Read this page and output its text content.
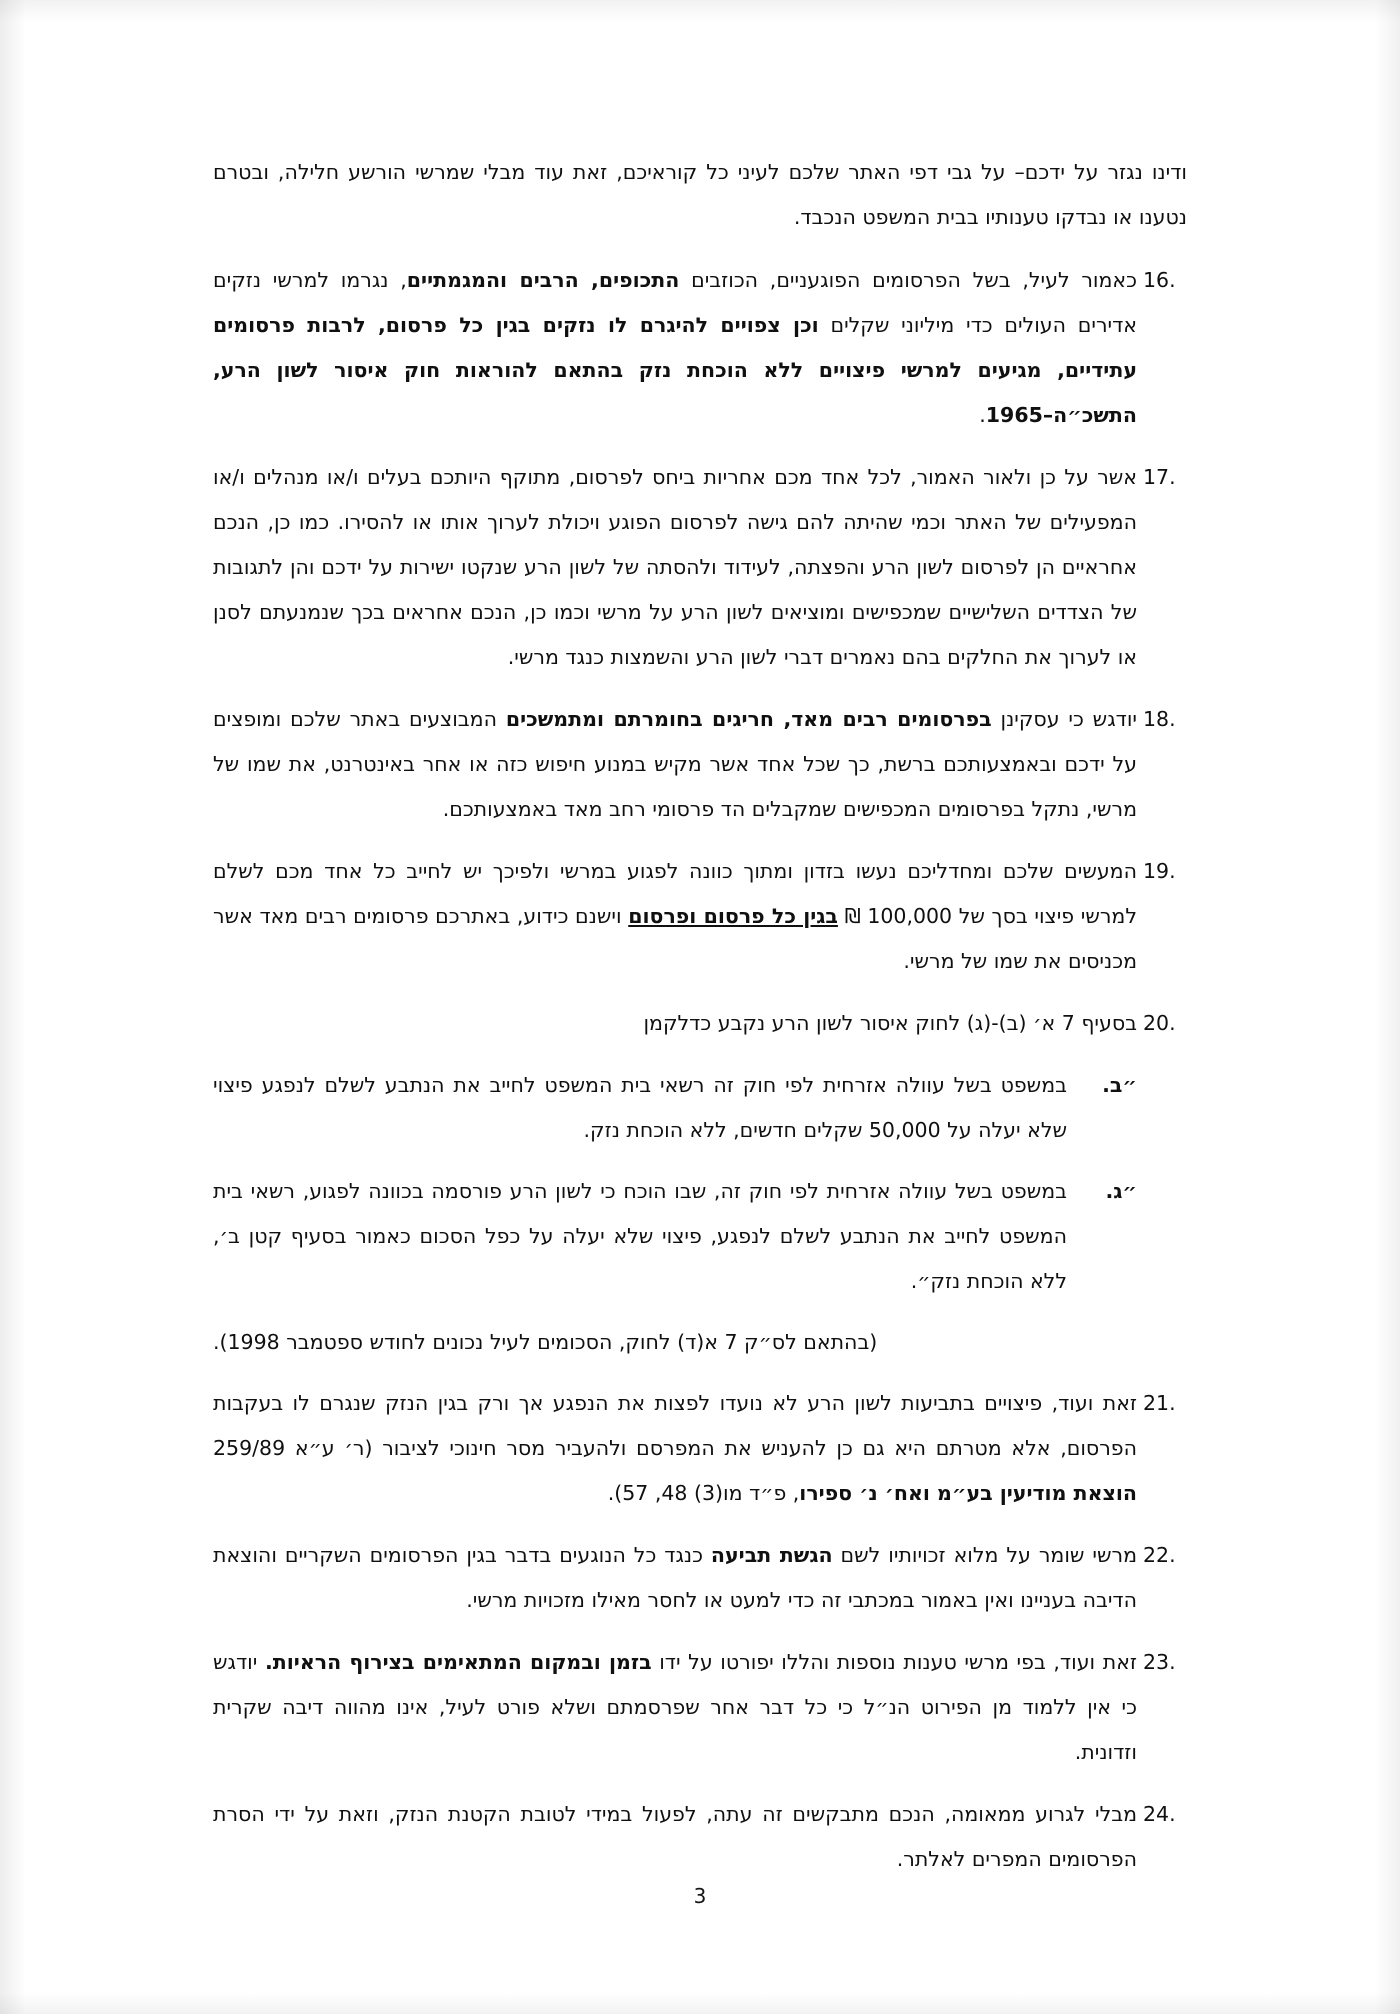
ודינו נגזר על ידכם– על גבי דפי האתר שלכם לעיני כל קוראיכם, זאת עוד מבלי שמרשי הורשע חלילה, ובטרם נטענו או נבדקו טענותיו בבית המשפט הנכבד.

16.
כאמור לעיל, בשל הפרסומים הפוגעניים, הכוזבים התכופים, הרבים והמגמתיים, נגרמו למרשי נזקים אדירים העולים כדי מיליוני שקלים וכן צפויים להיגרם לו נזקים בגין כל פרסום, לרבות פרסומים עתידיים, מגיעים למרשי פיצויים ללא הוכחת נזק בהתאם להוראות חוק איסור לשון הרע, התשכ״ה–1965.
17.
אשר על כן ולאור האמור, לכל אחד מכם אחריות ביחס לפרסום, מתוקף היותכם בעלים ו/או מנהלים ו/או המפעילים של האתר וכמי שהיתה להם גישה לפרסום הפוגע ויכולת לערוך אותו או להסירו. כמו כן, הנכם אחראיים הן לפרסום לשון הרע והפצתה, לעידוד ולהסתה של לשון הרע שנקטו ישירות על ידכם והן לתגובות של הצדדים השלישיים שמכפישים ומוציאים לשון הרע על מרשי וכמו כן, הנכם אחראים בכך שנמנעתם לסנן או לערוך את החלקים בהם נאמרים דברי לשון הרע והשמצות כנגד מרשי.
18.
יודגש כי עסקינן בפרסומים רבים מאד, חריגים בחומרתם ומתמשכים המבוצעים באתר שלכם ומופצים על ידכם ובאמצעותכם ברשת, כך שכל אחד אשר מקיש במנוע חיפוש כזה או אחר באינטרנט, את שמו של מרשי, נתקל בפרסומים המכפישים שמקבלים הד פרסומי רחב מאד באמצעותכם.
19.
המעשים שלכם ומחדליכם נעשו בזדון ומתוך כוונה לפגוע במרשי ולפיכך יש לחייב כל אחד מכם לשלם למרשי פיצוי בסך של 100,000 ₪ בגין כל פרסום ופרסום וישנם כידוע, באתרכם פרסומים רבים מאד אשר מכניסים את שמו של מרשי.
20.
בסעיף 7 א׳ (ב)-(ג) לחוק איסור לשון הרע נקבע כדלקמן
״ב.
במשפט בשל עוולה אזרחית לפי חוק זה רשאי בית המשפט לחייב את הנתבע לשלם לנפגע פיצוי שלא יעלה על 50,000 שקלים חדשים, ללא הוכחת נזק.
״ג.
במשפט בשל עוולה אזרחית לפי חוק זה, שבו הוכח כי לשון הרע פורסמה בכוונה לפגוע, רשאי בית המשפט לחייב את הנתבע לשלם לנפגע, פיצוי שלא יעלה על כפל הסכום כאמור בסעיף קטן ב׳, ללא הוכחת נזק״.

(בהתאם לס״ק 7 א(ד) לחוק, הסכומים לעיל נכונים לחודש ספטמבר 1998).

21.
זאת ועוד, פיצויים בתביעות לשון הרע לא נועדו לפצות את הנפגע אך ורק בגין הנזק שנגרם לו בעקבות הפרסום, אלא מטרתם היא גם כן להעניש את המפרסם ולהעביר מסר חינוכי לציבור (ר׳ ע״א 259/89 הוצאת מודיעין בע״מ ואח׳ נ׳ ספירו, פ״ד מו(3) 48, 57).
22.
מרשי שומר על מלוא זכויותיו לשם הגשת תביעה כנגד כל הנוגעים בדבר בגין הפרסומים השקריים והוצאת הדיבה בעניינו ואין באמור במכתבי זה כדי למעט או לחסר מאילו מזכויות מרשי.
23.
זאת ועוד, בפי מרשי טענות נוספות והללו יפורטו על ידו בזמן ובמקום המתאימים בצירוף הראיות. יודגש כי אין ללמוד מן הפירוט הנ״ל כי כל דבר אחר שפרסמתם ושלא פורט לעיל, אינו מהווה דיבה שקרית וזדונית.
24.
מבלי לגרוע ממאומה, הנכם מתבקשים זה עתה, לפעול במידי לטובת הקטנת הנזק, וזאת על ידי הסרת הפרסומים המפרים לאלתר.
3
